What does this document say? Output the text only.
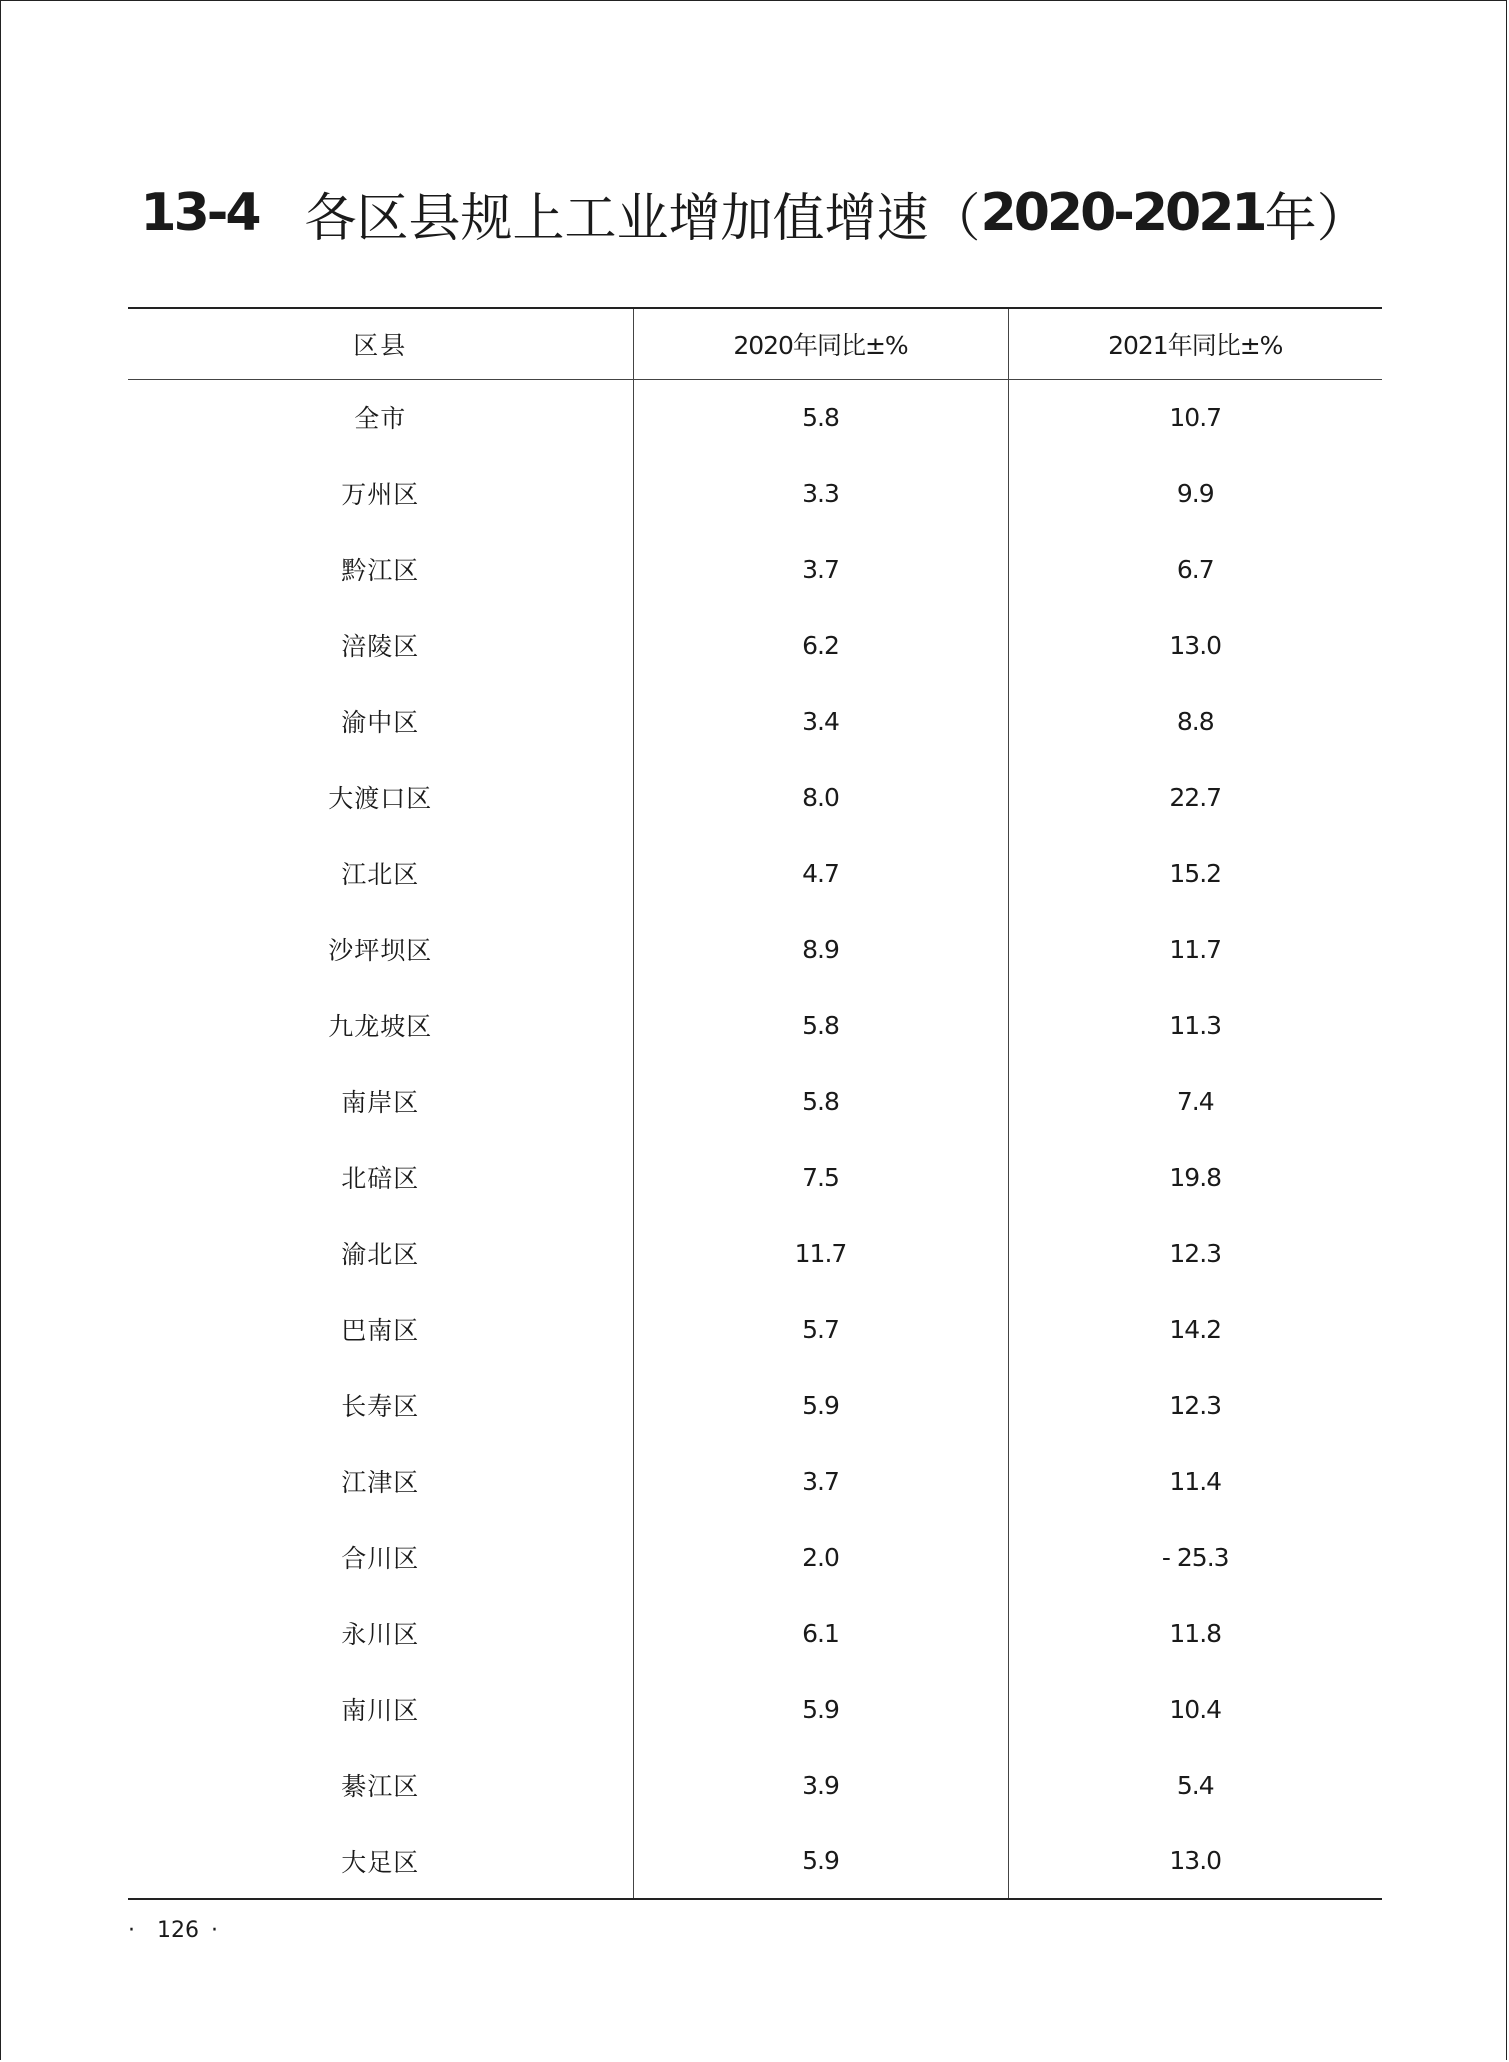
13-4 各区县规上工业增加值增速（ 2020-2021 年）
区县	2020年同比±%	2021年同比±%
全市	5.8	10.7
万州区	3.3	9.9
黔江区	3.7	6.7
涪陵区	6.2	13.0
渝中区	3.4	8.8
大渡口区	8.0	22.7
江北区	4.7	15.2
沙坪坝区	8.9	11.7
九龙坡区	5.8	11.3
南岸区	5.8	7.4
北碚区	7.5	19.8
渝北区	11.7	12.3
巴南区	5.7	14.2
长寿区	5.9	12.3
江津区	3.7	11.4
合川区	2.0	- 25.3
永川区	6.1	11.8
南川区	5.9	10.4
綦江区	3.9	5.4
大足区	5.9	13.0
· 126 ·
